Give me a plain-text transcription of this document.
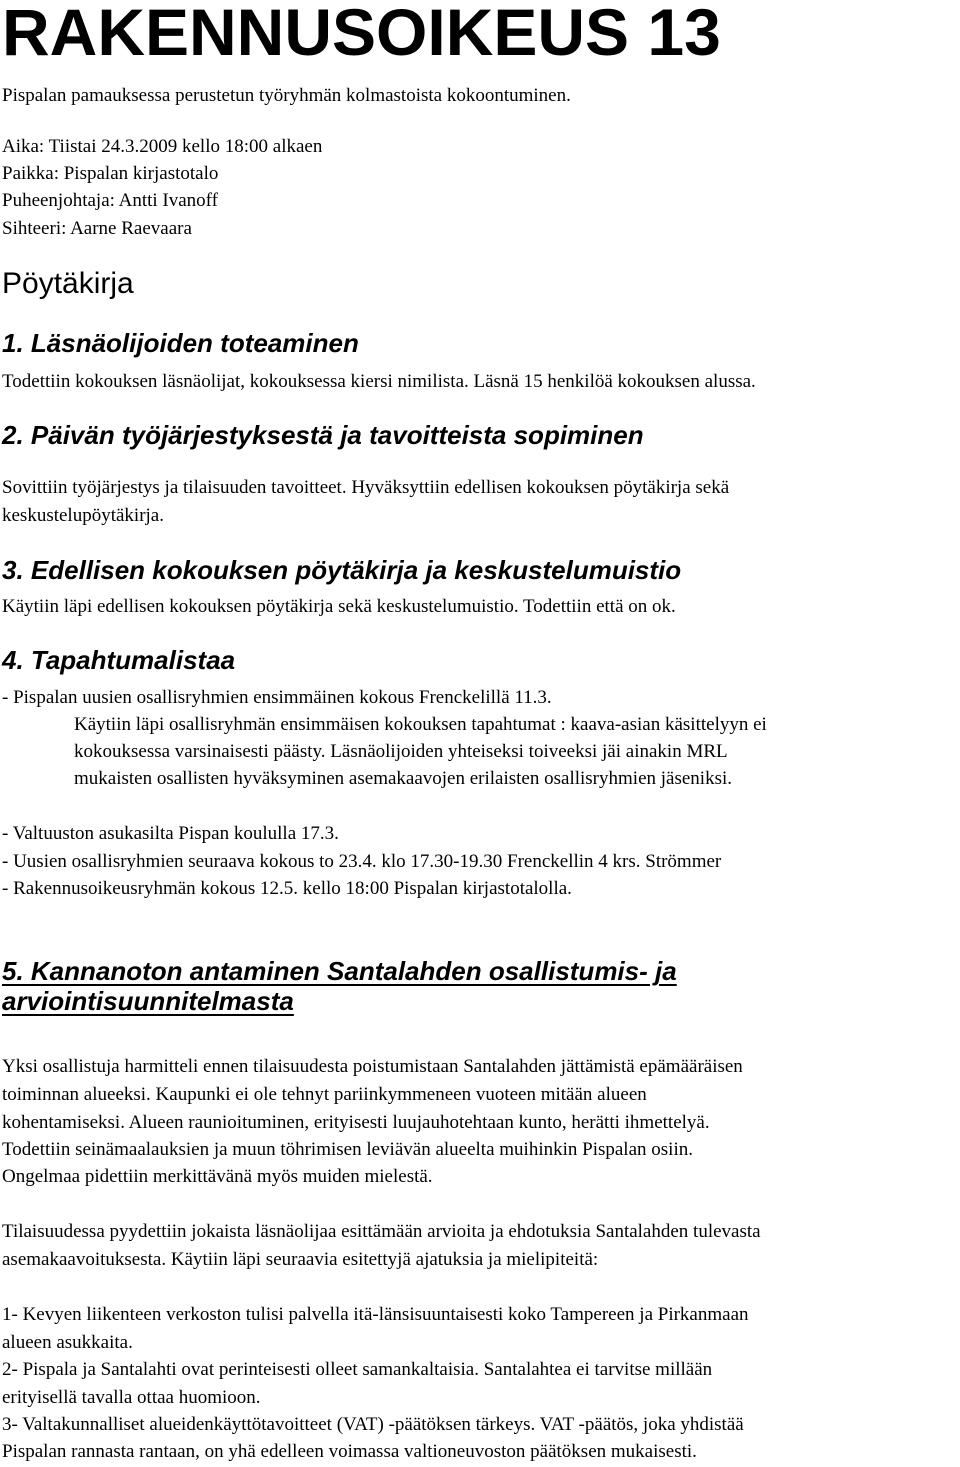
RAKENNUSOIKEUS 13
Pispalan pamauksessa perustetun työryhmän kolmastoista kokoontuminen.
Aika: Tiistai 24.3.2009 kello 18:00 alkaen
Paikka: Pispalan kirjastotalo
Puheenjohtaja: Antti Ivanoff
Sihteeri: Aarne Raevaara
Pöytäkirja
1. Läsnäolijoiden toteaminen
Todettiin kokouksen läsnäolijat, kokouksessa kiersi nimilista. Läsnä 15 henkilöä kokouksen alussa.
2. Päivän työjärjestyksestä ja tavoitteista sopiminen
Sovittiin työjärjestys ja tilaisuuden tavoitteet. Hyväksyttiin edellisen kokouksen pöytäkirja sekä
keskustelupöytäkirja.
3. Edellisen kokouksen pöytäkirja ja keskustelumuistio
Käytiin läpi edellisen kokouksen pöytäkirja sekä keskustelumuistio. Todettiin että on ok.
4. Tapahtumalistaa
- Pispalan uusien osallisryhmien ensimmäinen kokous Frenckelillä 11.3.
Käytiin läpi osallisryhmän ensimmäisen kokouksen tapahtumat : kaava-asian käsittelyyn ei
kokouksessa varsinaisesti päästy. Läsnäolijoiden yhteiseksi toiveeksi jäi ainakin MRL
mukaisten osallisten hyväksyminen asemakaavojen erilaisten osallisryhmien jäseniksi.
- Valtuuston asukasilta Pispan koululla 17.3.
- Uusien osallisryhmien seuraava kokous to 23.4. klo 17.30-19.30 Frenckellin 4 krs. Strömmer
- Rakennusoikeusryhmän kokous 12.5. kello 18:00 Pispalan kirjastotalolla.
5. Kannanoton antaminen Santalahden osallistumis- ja
arviointisuunnitelmasta
Yksi osallistuja harmitteli ennen tilaisuudesta poistumistaan Santalahden jättämistä epämääräisen
toiminnan alueeksi. Kaupunki ei ole tehnyt pariinkymmeneen vuoteen mitään alueen
kohentamiseksi. Alueen raunioituminen, erityisesti luujauhotehtaan kunto, herätti ihmettelyä.
Todettiin seinämaalauksien ja muun töhrimisen leviävän alueelta muihinkin Pispalan osiin.
Ongelmaa pidettiin merkittävänä myös muiden mielestä.
Tilaisuudessa pyydettiin jokaista läsnäolijaa esittämään arvioita ja ehdotuksia Santalahden tulevasta
asemakaavoituksesta. Käytiin läpi seuraavia esitettyjä ajatuksia ja mielipiteitä:
1- Kevyen liikenteen verkoston tulisi palvella itä-länsisuuntaisesti koko Tampereen ja Pirkanmaan
alueen asukkaita.
2- Pispala ja Santalahti ovat perinteisesti olleet samankaltaisia. Santalahtea ei tarvitse millään
erityisellä tavalla ottaa huomioon.
3- Valtakunnalliset alueidenkäyttötavoitteet (VAT) -päätöksen tärkeys. VAT -päätös, joka yhdistää
Pispalan rannasta rantaan, on yhä edelleen voimassa valtioneuvoston päätöksen mukaisesti.
